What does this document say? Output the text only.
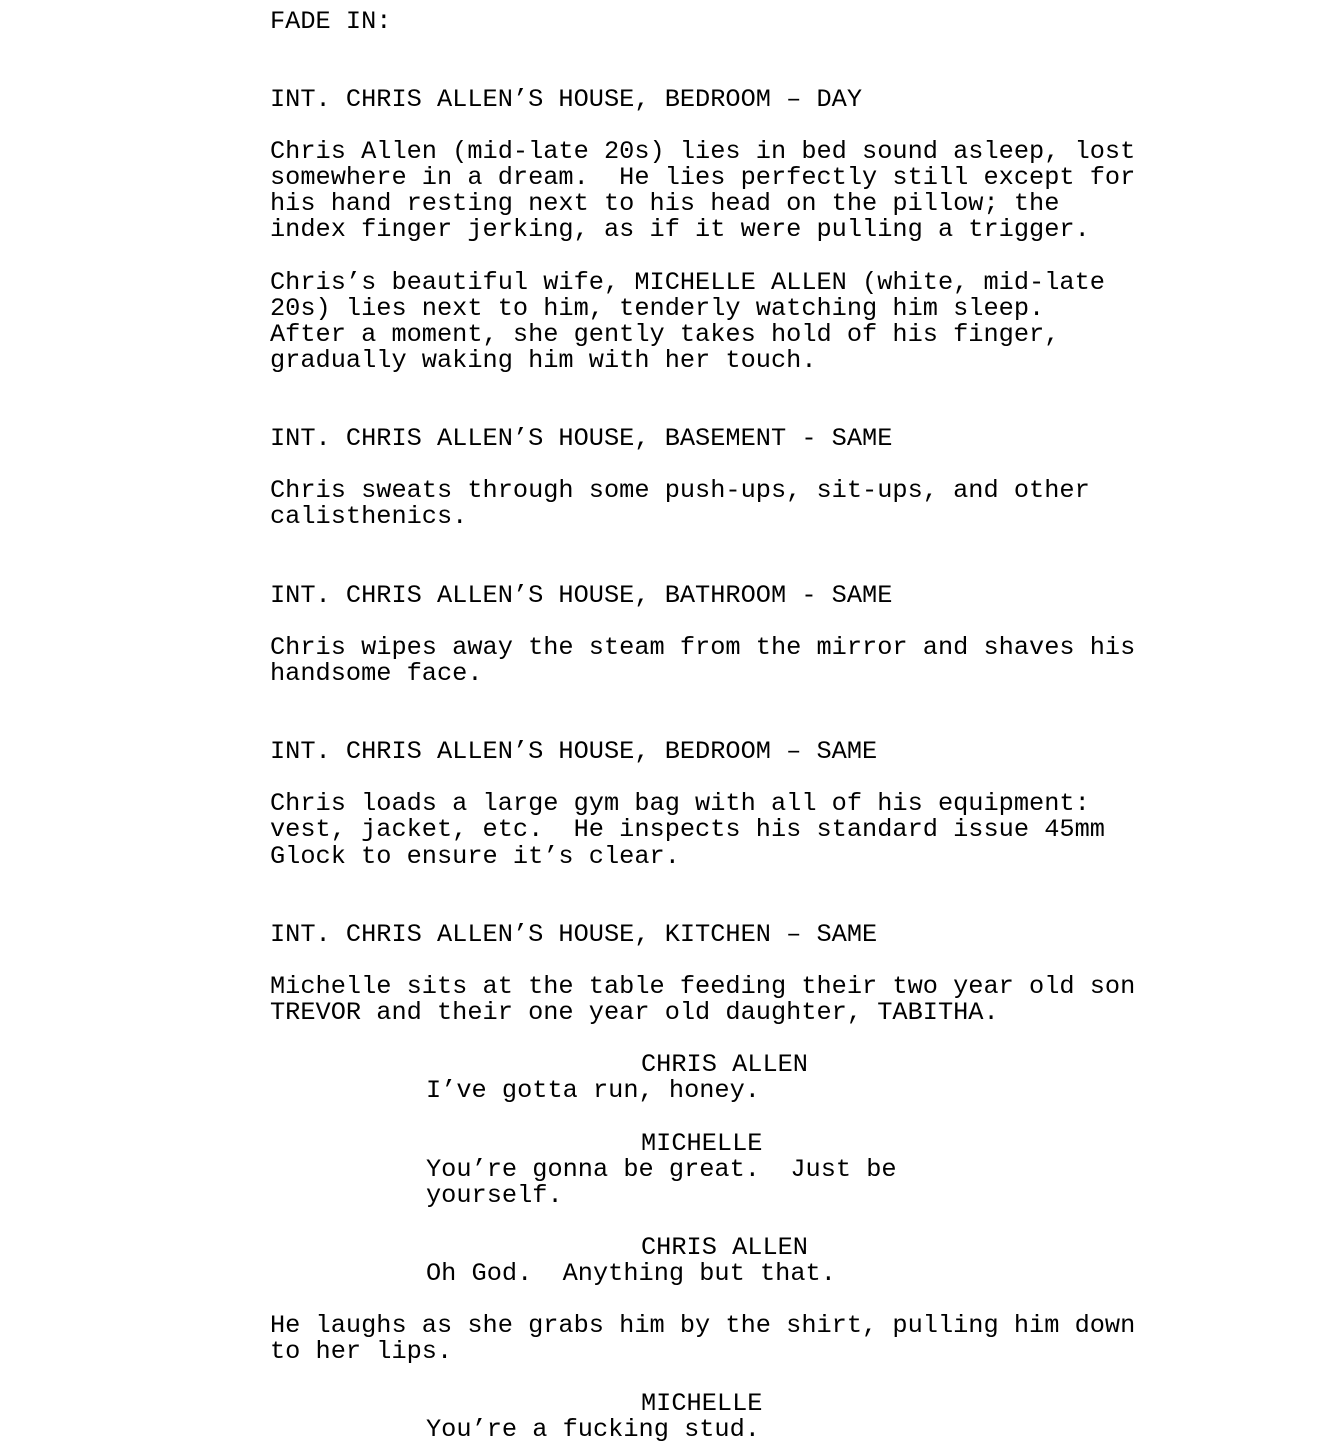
FADE IN:
INT. CHRIS ALLEN’S HOUSE, BEDROOM – DAY
Chris Allen (mid-late 20s) lies in bed sound asleep, lost
somewhere in a dream.  He lies perfectly still except for
his hand resting next to his head on the pillow; the
index finger jerking, as if it were pulling a trigger.
Chris’s beautiful wife, MICHELLE ALLEN (white, mid-late
20s) lies next to him, tenderly watching him sleep.
After a moment, she gently takes hold of his finger,
gradually waking him with her touch.
INT. CHRIS ALLEN’S HOUSE, BASEMENT - SAME
Chris sweats through some push-ups, sit-ups, and other
calisthenics.
INT. CHRIS ALLEN’S HOUSE, BATHROOM - SAME
Chris wipes away the steam from the mirror and shaves his
handsome face.
INT. CHRIS ALLEN’S HOUSE, BEDROOM – SAME
Chris loads a large gym bag with all of his equipment:
vest, jacket, etc.  He inspects his standard issue 45mm
Glock to ensure it’s clear.
INT. CHRIS ALLEN’S HOUSE, KITCHEN – SAME
Michelle sits at the table feeding their two year old son
TREVOR and their one year old daughter, TABITHA.
CHRIS ALLEN
I’ve gotta run, honey.
MICHELLE
You’re gonna be great.  Just be
yourself.
CHRIS ALLEN
Oh God.  Anything but that.
He laughs as she grabs him by the shirt, pulling him down
to her lips.
MICHELLE
You’re a fucking stud.
